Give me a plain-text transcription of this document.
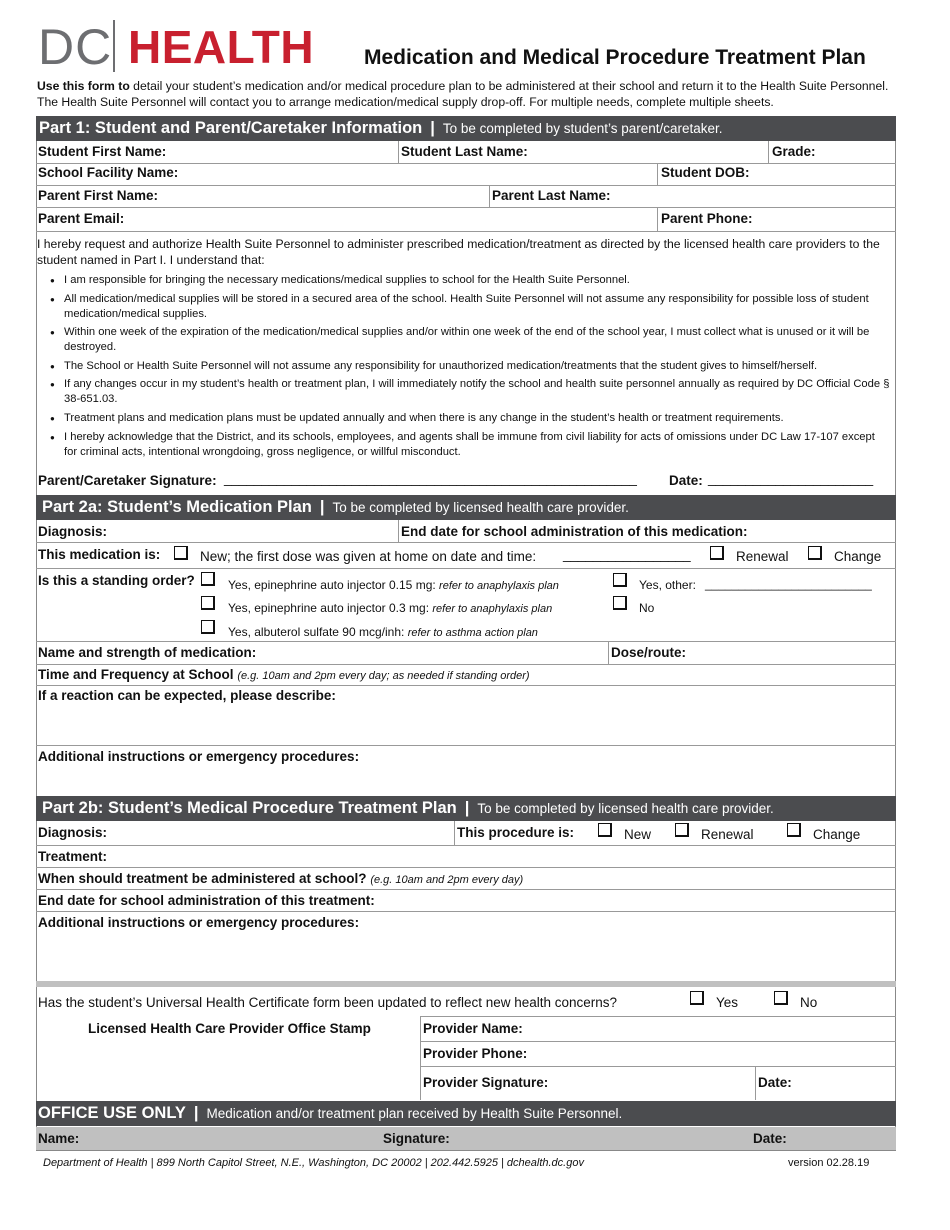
DC HEALTH Medication and Medical Procedure Treatment Plan
Use this form to detail your student’s medication and/or medical procedure plan to be administered at their school and return it to the Health Suite Personnel. The Health Suite Personnel will contact you to arrange medication/medical supply drop-off. For multiple needs, complete multiple sheets.
Part 1: Student and Parent/Caretaker Information | To be completed by student’s parent/caretaker.
Student First Name:	Student Last Name:	Grade:
School Facility Name:	Student DOB:
Parent First Name:	Parent Last Name:
Parent Email:	Parent Phone:
I hereby request and authorize Health Suite Personnel to administer prescribed medication/treatment as directed by the licensed health care providers to the student named in Part I. I understand that:
● I am responsible for bringing the necessary medications/medical supplies to school for the Health Suite Personnel.
● All medication/medical supplies will be stored in a secured area of the school. Health Suite Personnel will not assume any responsibility for possible loss of student medication/medical supplies.
● Within one week of the expiration of the medication/medical supplies and/or within one week of the end of the school year, I must collect what is unused or it will be destroyed.
● The School or Health Suite Personnel will not assume any responsibility for unauthorized medication/treatments that the student gives to himself/herself.
● If any changes occur in my student’s health or treatment plan, I will immediately notify the school and health suite personnel annually as required by DC Official Code § 38-651.03.
● Treatment plans and medication plans must be updated annually and when there is any change in the student’s health or treatment requirements.
● I hereby acknowledge that the District, and its schools, employees, and agents shall be immune from civil liability for acts of omissions under DC Law 17-107 except for criminal acts, intentional wrongdoing, gross negligence, or willful misconduct.
Parent/Caretaker Signature: _______________________________________________________ Date: ______________________
Part 2a: Student’s Medication Plan | To be completed by licensed health care provider.
Diagnosis:	End date for school administration of this medication:
This medication is:	New; the first dose was given at home on date and time: _________________	Renewal	Change
Is this a standing order?	Yes, epinephrine auto injector 0.15 mg: refer to anaphylaxis plan
Yes, epinephrine auto injector 0.3 mg: refer to anaphylaxis plan
Yes, albuterol sulfate 90 mcg/inh: refer to asthma action plan
Yes, other: _________________________
No
Name and strength of medication:	Dose/route:
Time and Frequency at School (e.g. 10am and 2pm every day; as needed if standing order)
If a reaction can be expected, please describe:
Additional instructions or emergency procedures:
Part 2b: Student’s Medical Procedure Treatment Plan | To be completed by licensed health care provider.
Diagnosis:	This procedure is:	New	Renewal	Change
Treatment:
When should treatment be administered at school? (e.g. 10am and 2pm every day)
End date for school administration of this treatment:
Additional instructions or emergency procedures:
Has the student’s Universal Health Certificate form been updated to reflect new health concerns?	Yes	No
Licensed Health Care Provider Office Stamp	Provider Name:
Provider Phone:
Provider Signature:	Date:
OFFICE USE ONLY | Medication and/or treatment plan received by Health Suite Personnel.
Name:	Signature:	Date:
Department of Health | 899 North Capitol Street, N.E., Washington, DC 20002 | 202.442.5925 | dchealth.dc.gov	version 02.28.19
